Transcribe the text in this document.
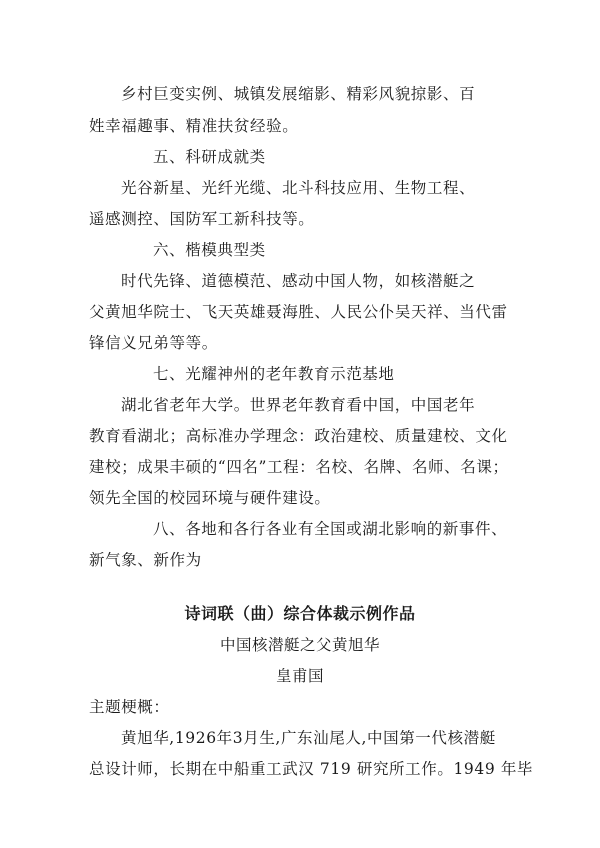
乡村巨变实例、城镇发展缩影、精彩风貌掠影、百
姓幸福趣事、精准扶贫经验。
五、科研成就类
光谷新星、光纤光缆、北斗科技应用、生物工程、
遥感测控、国防军工新科技等。
六、楷模典型类
时代先锋、道德模范、感动中国人物，如核潜艇之
父黄旭华院士、飞天英雄聂海胜、人民公仆吴天祥、当代雷
锋信义兄弟等等。
七、光耀神州的老年教育示范基地
湖北省老年大学。世界老年教育看中国，中国老年
教育看湖北；高标准办学理念：政治建校、质量建校、文化
建校；成果丰硕的“四名”工程：名校、名牌、名师、名课；
领先全国的校园环境与硬件建设。
八、各地和各行各业有全国或湖北影响的新事件、
新气象、新作为
诗词联（曲）综合体裁示例作品
中国核潜艇之父黄旭华
皇甫国
主题梗概：
黄旭华,1926年3月生,广东汕尾人,中国第一代核潜艇
总设计师，长期在中船重工武汉 719 研究所工作。1949 年毕
